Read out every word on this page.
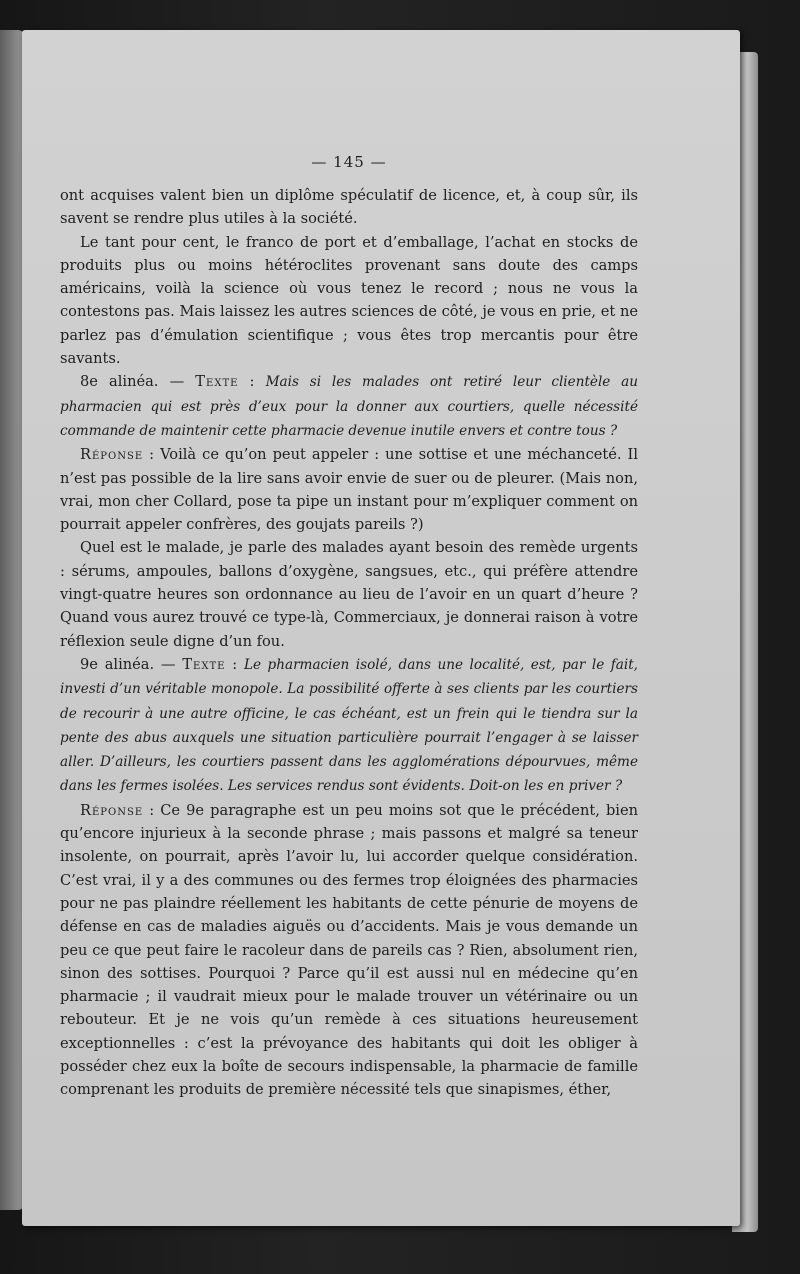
— 145 —

ont acquises valent bien un diplôme spéculatif de licence, et, à coup sûr, ils savent se rendre plus utiles à la société.

Le tant pour cent, le franco de port et d’emballage, l’achat en stocks de produits plus ou moins hétéroclites provenant sans doute des camps américains, voilà la science où vous tenez le record ; nous ne vous la contestons pas. Mais laissez les autres sciences de côté, je vous en prie, et ne parlez pas d’émulation scientifique ; vous êtes trop mercantis pour être savants.

8e alinéa. — Texte : Mais si les malades ont retiré leur clientèle au pharmacien qui est près d’eux pour la donner aux courtiers, quelle nécessité commande de maintenir cette pharmacie devenue inutile envers et contre tous ?

Réponse : Voilà ce qu’on peut appeler : une sottise et une méchanceté. Il n’est pas possible de la lire sans avoir envie de suer ou de pleurer. (Mais non, vrai, mon cher Collard, pose ta pipe un instant pour m’expliquer comment on pourrait appeler confrères, des goujats pareils ?)

Quel est le malade, je parle des malades ayant besoin des remède urgents : sérums, ampoules, ballons d’oxygène, sangsues, etc., qui préfère attendre vingt-quatre heures son ordonnance au lieu de l’avoir en un quart d’heure ? Quand vous aurez trouvé ce type-là, Commerciaux, je donnerai raison à votre réflexion seule digne d’un fou.

9e alinéa. — Texte : Le pharmacien isolé, dans une localité, est, par le fait, investi d’un véritable monopole. La possibilité offerte à ses clients par les courtiers de recourir à une autre officine, le cas échéant, est un frein qui le tiendra sur la pente des abus auxquels une situation particulière pourrait l’engager à se laisser aller. D’ailleurs, les courtiers passent dans les agglomérations dépourvues, même dans les fermes isolées. Les services rendus sont évidents. Doit-on les en priver ?

Réponse : Ce 9e paragraphe est un peu moins sot que le précédent, bien qu’encore injurieux à la seconde phrase ; mais passons et malgré sa teneur insolente, on pourrait, après l’avoir lu, lui accorder quelque considération. C’est vrai, il y a des communes ou des fermes trop éloignées des pharmacies pour ne pas plaindre réellement les habitants de cette pénurie de moyens de défense en cas de maladies aiguës ou d’accidents. Mais je vous demande un peu ce que peut faire le racoleur dans de pareils cas ? Rien, absolument rien, sinon des sottises. Pourquoi ? Parce qu’il est aussi nul en médecine qu’en pharmacie ; il vaudrait mieux pour le malade trouver un vétérinaire ou un rebouteur. Et je ne vois qu’un remède à ces situations heureusement exceptionnelles : c’est la prévoyance des habitants qui doit les obliger à posséder chez eux la boîte de secours indispensable, la pharmacie de famille comprenant les produits de première nécessité tels que sinapismes, éther,
